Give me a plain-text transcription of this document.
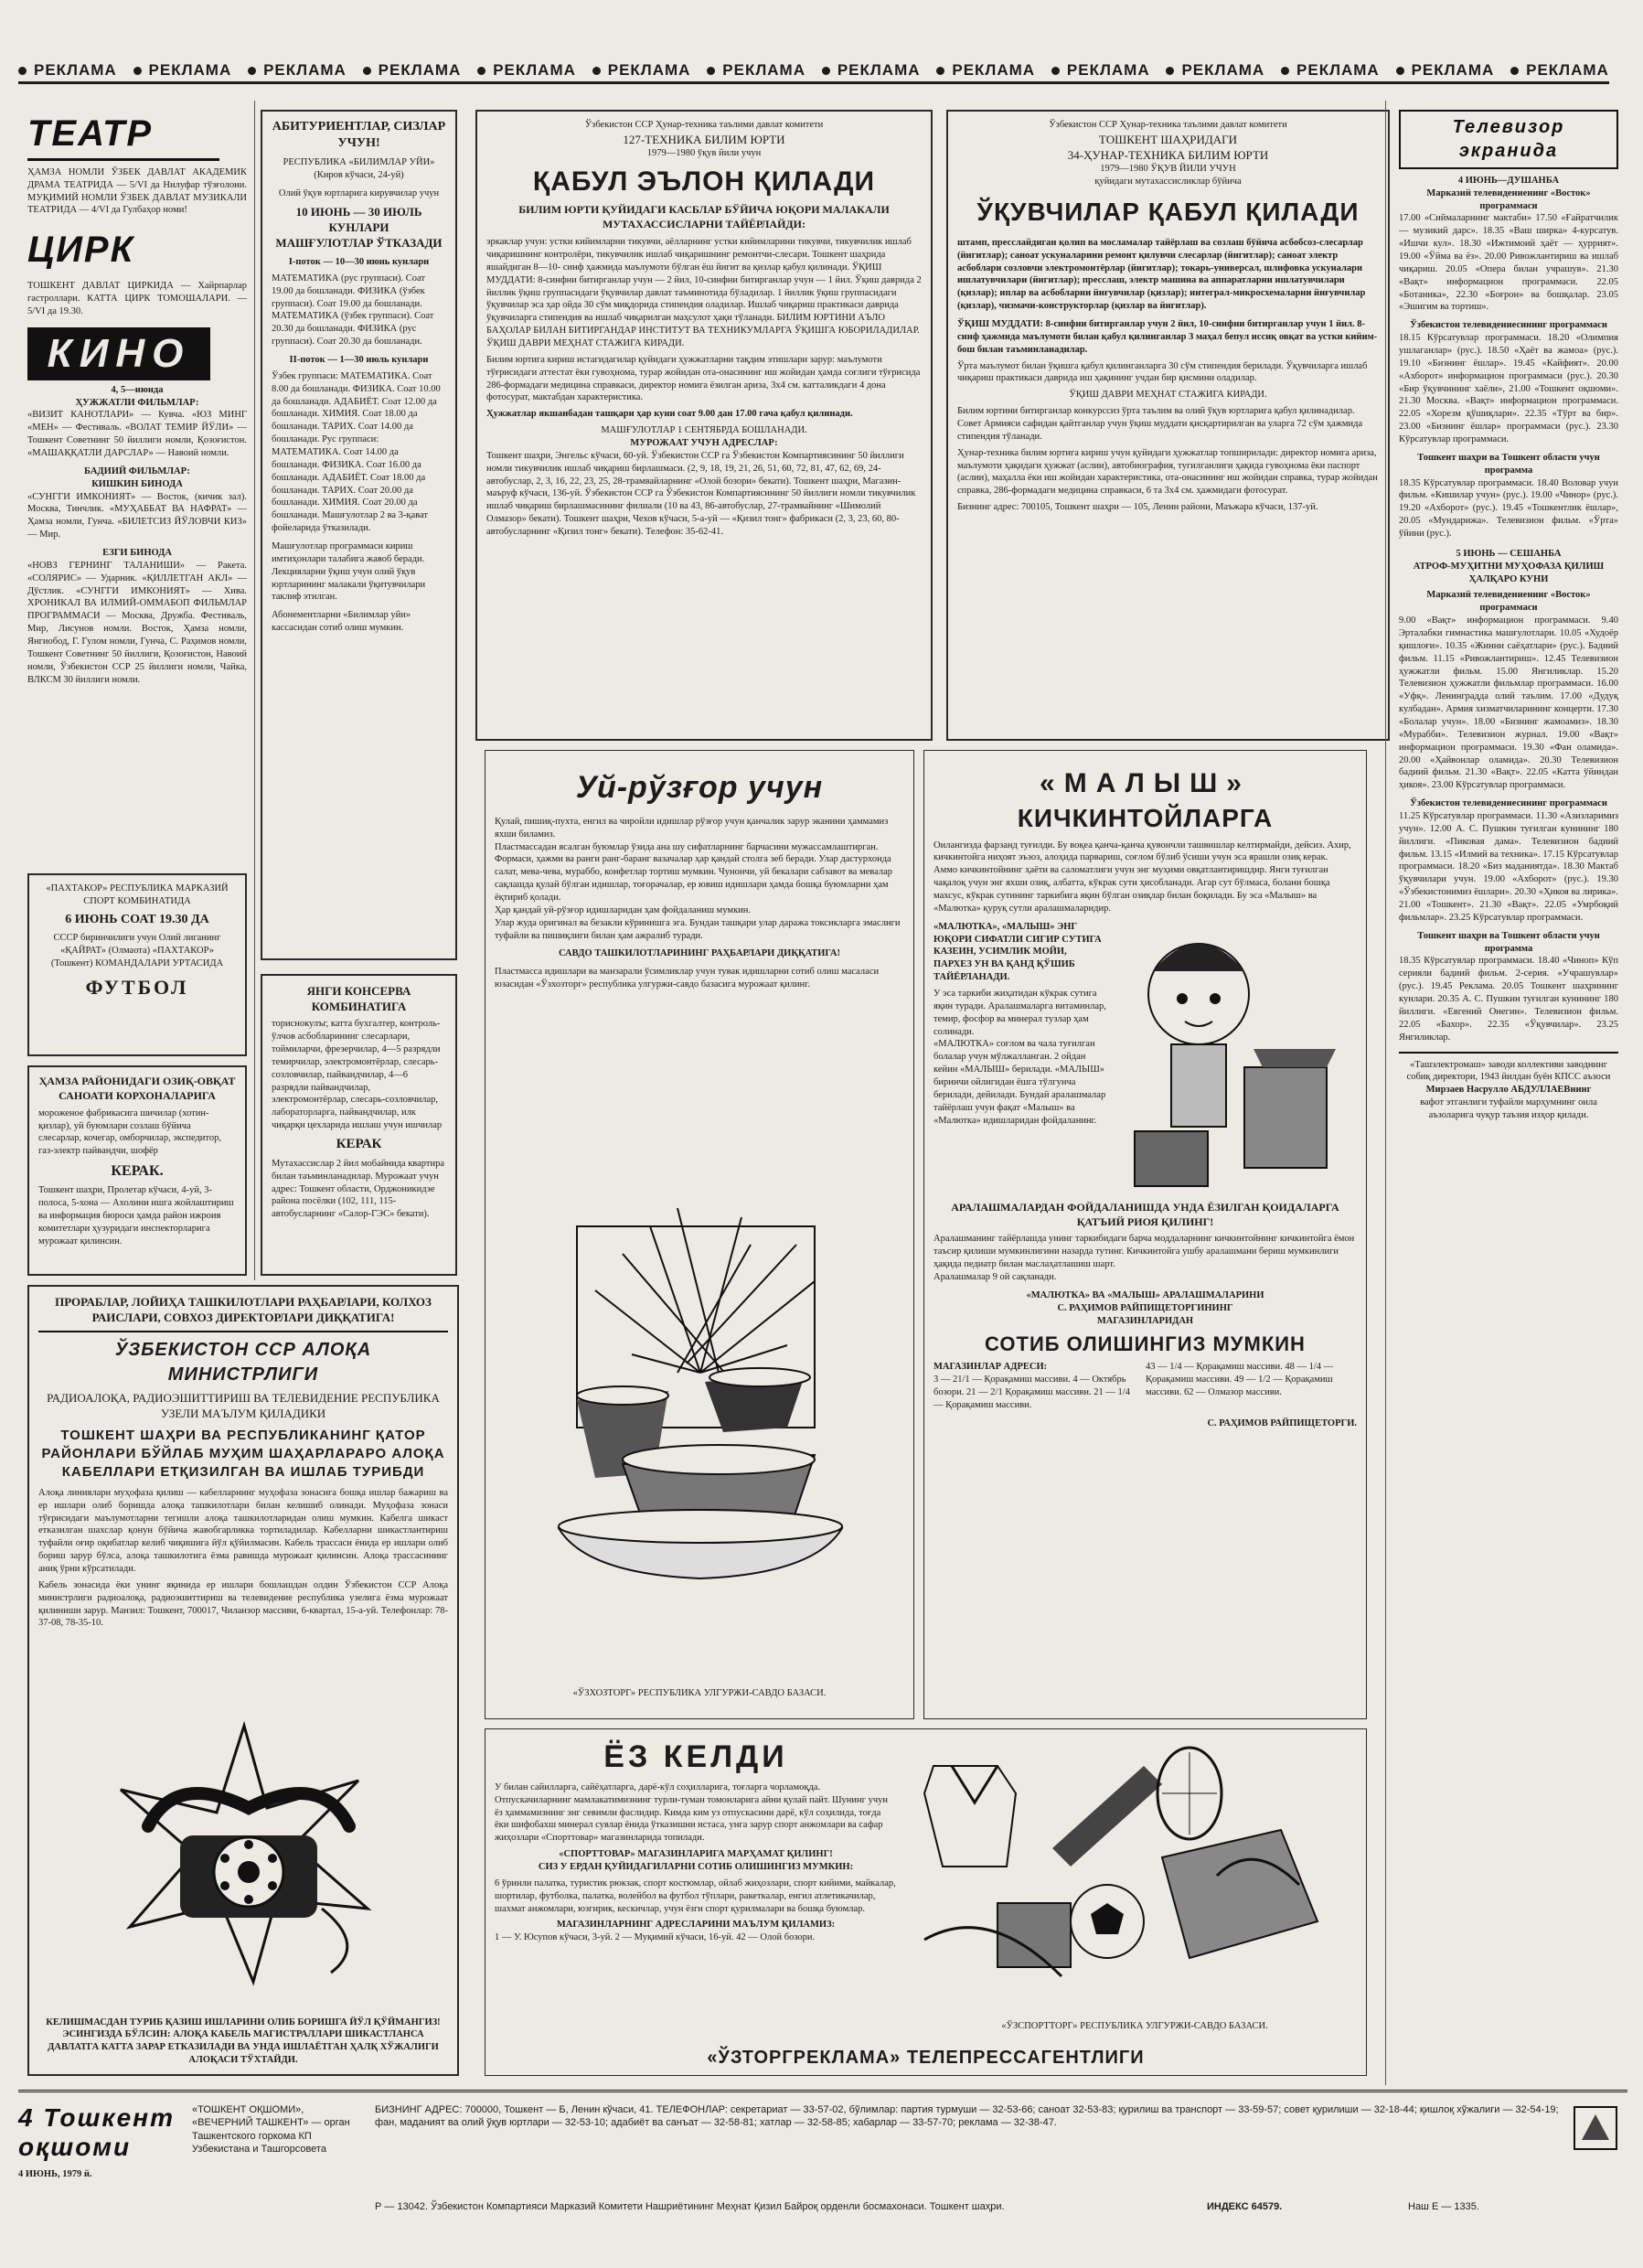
РЕКЛАМА	РЕКЛАМА	РЕКЛАМА	РЕКЛАМА	РЕКЛАМА	РЕКЛАМА	РЕКЛАМА	РЕКЛАМА	РЕКЛАМА	РЕКЛАМА	РЕКЛАМА	РЕКЛАМА	РЕКЛАМА	РЕКЛАМА
ТЕАТР
ҲАМЗА НОМЛИ ЎЗБЕК ДАВЛАТ АКАДЕМИК ДРАМА ТЕАТРИДА — 5/VI да Нилуфар тўзғолони. МУҚИМИЙ НОМЛИ ЎЗБЕК ДАВЛАТ МУЗИКАЛИ ТЕАТРИДА — 4/VI да Гулбаҳор номи!
ЦИРК
ТОШКЕНТ ДАВЛАТ ЦИРКИДА — Хайрпарлар гастроллари. КАТТА ЦИРК ТОМОШАЛАРИ. — 5/VI да 19.30.
КИНО
4, 5—июнда
ҲУЖЖАТЛИ ФИЛЬМЛАР:
«ВИЗИТ КАНОТЛАРИ» — Кувча. «ЮЗ МИНГ «МЕН» — Фестиваль. «ВОЛАТ ТЕМИР ЙЎЛИ» — Тошкент Советнинг 50 йиллиги номли, Қозоғистон. «МАШАҚҚАТЛИ ДАРСЛАР» — Навоий номли.
БАДИИЙ ФИЛЬМЛАР:
КИШКИН БИНОДА
«СУНГГИ ИМКОНИЯТ» — Восток, (кичик зал). Москва, Тинчлик. «МУҲАББАТ ВА НАФРАТ» — Ҳамза номли, Гунча. «БИЛЕТСИЗ ЙЎЛОВЧИ КИЗ» — Мир.
ЕЗГИ БИНОДА
«НОВЗ ГЕРНИНГ ТАЛАНИШИ» — Ракета. «СОЛЯРИС» — Ударник. «ҚИЛЛЕТГАН АКЛ» — Дўстлик. «СУНГГИ ИМКОНИЯТ» — Хива. ХРОНИКАЛ ВА ИЛМИЙ-ОММАБОП ФИЛЬМЛАР ПРОГРАММАСИ — Москва, Дружба. Фестиваль, Мир, Лисунов номли. Восток, Ҳамза номли, Янгиобод, Г. Гулом номли, Гунча, С. Раҳимов номли, Тошкент Советнинг 50 йиллиги, Қозоғистон, Навоий номли, Ўзбекистон ССР 25 йиллиги номли, Чайка, ВЛКСМ 30 йиллиги номли.
«ПАХТАКОР» РЕСПУБЛИКА МАРКАЗИЙ СПОРТ КОМБИНАТИДА
6 ИЮНЬ СОАТ 19.30 ДА
СССР биринчилиги учун Олий лиганинг «ҚАЙРАТ» (Олмаота) «ПАХТАКОР» (Тошкент) КОМАНДАЛАРИ УРТАСИДА
ФУТБОЛ
ҲАМЗА РАЙОНИДАГИ ОЗИҚ-ОВҚАТ САНОАТИ КОРХОНАЛАРИГА
мороженое фабрикасига шичилар (хотин-қизлар), уй буюмлари созлаш бўйича слесарлар, кочегар, омборчилар, экспедитор, газ-электр пайвандчи, шофёр
КЕРАК.
Тошкент шаҳри, Пролетар кўчаси, 4-уй, 3-полоса, 5-хона — Ахолини ишга жойлаштириш ва информация бюроси ҳамда район ижроия комитетлари ҳузуридаги инспекторларига мурожаат қилинсин.
АБИТУРИЕНТЛАР, СИЗЛАР УЧУН!
РЕСПУБЛИКА «БИЛИМЛАР УЙИ» (Киров кўчаси, 24-уй)
Олий ўқув юртларига кирувчилар учун
10 ИЮНЬ — 30 ИЮЛЬ КУНЛАРИ
МАШҒУЛОТЛАР ЎТКАЗАДИ
I-поток — 10—30 июнь кунлари
МАТЕМАТИКА (рус группаси). Соат 19.00 да бошланади. ФИЗИКА (ўзбек группаси). Соат 19.00 да бошланади. МАТЕМАТИКА (ўзбек группаси). Соат 20.30 да бошланади. ФИЗИКА (рус группаси). Соат 20.30 да бошланади.
II-поток — 1—30 июль кунлари
Ўзбек группаси: МАТЕМАТИКА. Соат 8.00 да бошланади. ФИЗИКА. Соат 10.00 да бошланади. АДАБИЁТ. Соат 12.00 да бошланади. ХИМИЯ. Соат 18.00 да бошланади. ТАРИХ. Соат 14.00 да бошланади. Рус группаси: МАТЕМАТИКА. Соат 14.00 да бошланади. ФИЗИКА. Соат 16.00 да бошланади. АДАБИЁТ. Соат 18.00 да бошланади. ТАРИХ. Соат 20.00 да бошланади. ХИМИЯ. Соат 20.00 да бошланади. Машғулотлар 2 ва 3-қават фойеларида ўтказилади.
Машғулотлар программаси кириш имтиҳонлари талабига жавоб беради. Лекцияларни ўқиш учун олий ўқув юртларининг малакали ўқитувчилари таклиф этилган.
Абонементларни «Билимлар уйи» кассасидан сотиб олиш мумкин.
ЯНГИ КОНСЕРВА КОМБИНАТИГА
ториснокулъг, катта бухгалтер, контроль-ўлчов асбобларининг слесарлари, тоймиларчи, фрезерчилар, 4—5 разрядли темирчилар, электромонтёрлар, слесарь-созловчилар, пайвандчилар, 4—6 разрядли пайвандчилар, электромонтёрлар, слесарь-созловчилар, лабораторларга, пайвандчилар, илк чиқарқн цехларида ишлаш учун ишчилар
КЕРАК
Мутахассислар 2 йил мобайнида квартира билан таъминланадилар. Мурожаат учун адрес: Тошкент области, Орджоникидзе района посёлки (102, 111, 115-автобусларнинг «Салор-ГЭС» бекати).
ПРОРАБЛАР, ЛОЙИҲА ТАШКИЛОТЛАРИ РАҲБАРЛАРИ, КОЛХОЗ РАИСЛАРИ, СОВХОЗ ДИРЕКТОРЛАРИ ДИҚҚАТИГА!
ЎЗБЕКИСТОН ССР АЛОҚА МИНИСТРЛИГИ
РАДИОАЛОҚА, РАДИОЭШИТТИРИШ ВА ТЕЛЕВИДЕНИЕ РЕСПУБЛИКА УЗЕЛИ МАЪЛУМ ҚИЛАДИКИ
ТОШКЕНТ ШАҲРИ ВА РЕСПУБЛИКАНИНГ ҚАТОР РАЙОНЛАРИ БЎЙЛАБ МУҲИМ ШАҲАРЛАРАРО АЛОҚА КАБЕЛЛАРИ ЕТҚИЗИЛГАН ВА ИШЛАБ ТУРИБДИ
Алоқа линиялари муҳофаза қилиш — кабелларнинг муҳофаза зонасига бошқа ишлар бажариш ва ер ишлари олиб боришда алоқа ташкилотлари билан келишиб олинади. Муҳофаза зонаси тўғрисидаги маълумотларни тегишли алоқа ташкилотларидан олиш мумкин. Кабелга шикаст етказилган шахслар қонун бўйича жавобгарликка тортиладилар. Кабелларни шикастлантириш туфайли оғир оқибатлар келиб чиқишига йўл қўйилмасин. Кабель трассаси ёнида ер ишлари олиб бориш зарур бўлса, алоқа ташкилотига ёзма равишда мурожаат қилинсин. Алоқа трассасининг аниқ ўрни кўрсатилади.
Кабель зонасида ёки унинг яқинида ер ишлари бошлашдан олдин Ўзбекистон ССР Алоқа министрлиги радиоалоқа, радиоэшиттириш ва телевидение республика узелига ёзма мурожаат қилиниши зарур. Манзил: Тошкент, 700017, Чиланзор массиви, 6-квартал, 15-а-уй. Телефонлар: 78-37-08, 78-35-10.
КЕЛИШМАСДАН ТУРИБ ҚАЗИШ ИШЛАРИНИ ОЛИБ БОРИШГА ЙЎЛ ҚЎЙМАНГИЗ! ЭСИНГИЗДА БЎЛСИН: АЛОҚА КАБЕЛЬ МАГИСТРАЛЛАРИ ШИКАСТЛАНСА ДАВЛАТГА КАТТА ЗАРАР ЕТКАЗИЛАДИ ВА УНДА ИШЛАЁТГАН ҲАЛҚ ХЎЖАЛИГИ АЛОҚАСИ ТЎХТАЙДИ.
Ўзбекистон ССР Ҳунар-техника таълими давлат комитети
127-ТЕХНИКА БИЛИМ ЮРТИ
1979—1980 ўқув йили учун
ҚАБУЛ ЭЪЛОН ҚИЛАДИ
БИЛИМ ЮРТИ ҚУЙИДАГИ КАСБЛАР БЎЙИЧА ЮҚОРИ МАЛАКАЛИ МУТАХАССИСЛАРНИ ТАЙЁРЛАЙДИ:
эркаклар учун: устки кийимларни тикувчи, аёлларнинг устки кийимларини тикувчи, тикувчилик ишлаб чиқаришнинг контролёри, тикувчилик ишлаб чиқаришнинг ремонтчи-слесари. Тошкент шаҳрида яшайдиган 8—10- синф ҳажмида маълумоти бўлган ёш йигит ва қизлар қабул қилинади. ЎҚИШ МУДДАТИ: 8-синфни битирганлар учун — 2 йил, 10-синфни битирганлар учун — 1 йил. Ўқиш даврида 2 йиллик ўқиш группасидаги ўқувчилар давлат таъминотида бўладилар. 1 йиллик ўқиш группасидаги ўқувчилар эса ҳар ойда 30 сўм миқдорида стипендия оладилар. Ишлаб чиқариш практикаси даврида ўқувчиларга стипендия ва ишлаб чиқарилган маҳсулот ҳақи тўланади. БИЛИМ ЮРТИНИ АЪЛО БАҲОЛАР БИЛАН БИТИРГАНДАР ИНСТИТУТ ВА ТЕХНИКУМЛАРГА ЎҚИШГА ЮБОРИЛАДИЛАР. ЎҚИШ ДАВРИ МЕҲНАТ СТАЖИГА КИРАДИ.
Билим юртига кириш истагидагилар қуйидаги ҳужжатларни тақдим этишлари зарур: маълумоти тўғрисидаги аттестат ёки гувоҳнома, турар жойидан ота-онасининг иш жойидан ҳамда соғлиги тўғрисида 286-формадаги медицина справкаси, директор номига ёзилган ариза, 3х4 см. катталикдаги 4 дона фотосурат, мактабдан характеристика.
Ҳужжатлар якшанбадан ташқари ҳар куни соат 9.00 дан 17.00 гача қабул қилинади.
МАШҒУЛОТЛАР 1 СЕНТЯБРДА БОШЛАНАДИ.
МУРОЖААТ УЧУН АДРЕСЛАР:
Тошкент шаҳри, Энгельс кўчаси, 60-уй. Ўзбекистон ССР га Ўзбекистон Компартиясининг 50 йиллиги номли тикувчилик ишлаб чиқариш бирлашмаси. (2, 9, 18, 19, 21, 26, 51, 60, 72, 81, 47, 62, 69, 24-автобуслар, 2, 3, 16, 22, 23, 25, 28-трамвайларнинг «Олой бозори» бекати). Тошкент шаҳри, Магазин-маъруф кўчаси, 136-уй. Ўзбекистон ССР га Ўзбекистон Компартиясининг 50 йиллиги номли тикувчилик ишлаб чиқариш бирлашмасининг филиали (10 ва 43, 86-автобуслар, 27-трамвайнинг «Шимолий Олмазор» бекати). Тошкент шаҳри, Чехов кўчаси, 5-а-уй — «Қизил тонг» фабрикаси (2, 3, 23, 60, 80-автобусларнинг «Қизил тонг» бекати). Телефон: 35-62-41.
Ўзбекистон ССР Ҳунар-техника таълими давлат комитети
ТОШКЕНТ ШАҲРИДАГИ
34-ҲУНАР-ТЕХНИКА БИЛИМ ЮРТИ
1979—1980 ЎҚУВ ЙИЛИ УЧУН
қуйидаги мутахассисликлар бўйича
ЎҚУВЧИЛАР ҚАБУЛ ҚИЛАДИ
штамп, пресслайдиган қолип ва мосламалар тайёрлаш ва созлаш бўйича асбобсоз-слесарлар (йигитлар); саноат ускуналарини ремонт қилувчи слесарлар (йигитлар); саноат электр асбоблари созловчи электромонтёрлар (йигитлар); токарь-универсал, шлифовка ускуналари ишлатувчилари (йигитлар); пресслаш, электр машина ва аппаратларни ишлатувчилари (қизлар); иплар ва асбобларни йиғувчилар (қизлар); интеграл-микросхемаларни йиғувчилар (қизлар), чизмачи-конструкторлар (қизлар ва йигитлар).
ЎҚИШ МУДДАТИ: 8-синфни битирганлар учун 2 йил, 10-синфни битирганлар учун 1 йил. 8-синф ҳажмида маълумоти билан қабул қилинганлар 3 маҳал бепул иссиқ овқат ва устки кийим-бош билан таъминланадилар.
Ўрта маълумот билан ўқишга қабул қилинганларга 30 сўм стипендия берилади. Ўқувчиларга ишлаб чиқариш практикаси даврида иш ҳақининг учдан бир қисмини оладилар.
ЎҚИШ ДАВРИ МЕҲНАТ СТАЖИГА КИРАДИ.
Билим юртини битирганлар конкурссиз ўрта таълим ва олий ўқув юртларига қабул қилинадилар. Совет Армияси сафидан қайтганлар учун ўқиш муддати қисқартирилган ва уларга 72 сўм ҳажмида стипендия тўланади.
Ҳунар-техника билим юртига кириш учун қуйидаги ҳужжатлар топширилади: директор номига ариза, маълумоти ҳақидаги ҳужжат (аслии), автобиография, тугилганлиги ҳақида гувоҳнома ёки паспорт (аслии), маҳалла ёки иш жойидан характеристика, ота-онасининг иш жойидан справка, турар жойидан справка, 286-формадаги медицина справкаси, 6 та 3х4 см. ҳажмидаги фотосурат.
Бизнинг адрес: 700105, Тошкент шаҳри — 105, Ленин райони, Маъжара кўчаси, 137-уй.
Уй-рўзғор учун
Қулай, пишиқ-пухта, енгил ва чиройли идишлар рўзғор учун қанчалик зарур эканини ҳаммамиз яхши биламиз.
Пластмассадан ясалган буюмлар ўзида ана шу сифатларнинг барчасини мужассамлаштирган.
Формаси, ҳажми ва ранги ранг-баранг вазачалар ҳар қандай столга зеб беради. Улар дастурхонда салат, мева-чева, мураббо, конфетлар тортиш мумкин. Чунончи, уй бекалари сабзавот ва мевалар сақлашда қулай бўлган идишлар, тоғорачалар, ер ювиш идишлари ҳамда бошқа буюмларни ҳам ёқтириб қолади.
Ҳар қандай уй-рўзғор идишларидан ҳам фойдаланиш мумкин.
Улар жуда оригинал ва безакли кўринишга эга. Бундан ташқари улар даража токсикларга эмаслиги туфайли ва пишиқлиги билан ҳам ажралиб туради.
САВДО ТАШКИЛОТЛАРИНИНГ РАҲБАРЛАРИ ДИҚҚАТИГА!
Пластмасса идишлари ва манзарали ўсимликлар учун тувак идишларни сотиб олиш масаласи юзасидан «Ўзхозторг» республика улгуржи-савдо базасига мурожаат қилинг.
«ЎЗХОЗТОРГ» РЕСПУБЛИКА УЛГУРЖИ-САВДО БАЗАСИ.
«МАЛЫШ»
КИЧКИНТОЙЛАРГА
Оилангизда фарзанд туғилди. Бу воқеа қанча-қанча қувончли ташвишлар келтирмайди, дейсиз. Ахир, кичкинтойга ниҳоят эъзоз, алоҳида парвариш, соғлом бўлиб ўсиши учун эса ярашли озиқ керак.
Аммо кичкинтойнинг ҳаёти ва саломатлиги учун энг муҳими овқатлантиришдир. Янги туғилган чақалоқ учун энг яхши озиқ, албатта, кўкрак сути ҳисобланади. Агар сут бўлмаса, болани бошқа махсус, кўкрак сутининг таркибига яқин бўлган озиқлар билан боқилади. Бу эса «Малыш» ва «Малютка» қуруқ сутли аралашмаларидир.
«МАЛЮТКА», «МАЛЫШ» ЭНГ ЮҚОРИ СИФАТЛИ СИГИР СУТИГА КАЗЕИН, УСИМЛИК МОЙИ, ПАРХЕЗ УН ВА ҚАНД ҚЎШИБ ТАЙЁРЛАНАДИ.
У эса таркиби жиҳатидан кўкрак сутига яқин туради. Аралашмаларга витаминлар, темир, фосфор ва минерал тузлар ҳам солинади.
«МАЛЮТКА» соғлом ва чала туғилган болалар учун мўлжалланган. 2 ойдан кейин «МАЛЫШ» берилади. «МАЛЫШ» биринчи ойлигидан ёшга тўлгунча берилади, дейилади. Бундай аралашмалар тайёрлаш учун фақат «Малыш» ва «Малютка» идишларидан фойдаланинг.
АРАЛАШМАЛАРДАН ФОЙДАЛАНИШДА УНДА ЁЗИЛГАН ҚОИДАЛАРГА ҚАТЪИЙ РИОЯ ҚИЛИНГ!
Аралашманинг тайёрлашда унинг таркибидаги барча моддаларнинг кичкинтойнинг кичкинтойга ёмон таъсир қилиши мумкинлигини назарда тутинг. Кичкинтойга ушбу аралашмани бериш мумкинлиги ҳақида педиатр билан маслаҳатлашиш шарт.
Аралашмалар 9 ой сақланади.
«МАЛЮТКА» ВА «МАЛЫШ» АРАЛАШМАЛАРИНИ
С. РАҲИМОВ РАЙПИЩЕТОРГИНИНГ
МАГАЗИНЛАРИДАН
СОТИБ ОЛИШИНГИЗ МУМКИН
МАГАЗИНЛАР АДРЕСИ:
3 — 21/1 — Қорақамиш массиви. 4 — Октябрь бозори. 21 — 2/1 Қорақамиш массиви. 21 — 1/4 — Қорақамиш массиви.
43 — 1/4 — Қорақамиш массиви. 48 — 1/4 — Қорақамиш массиви. 49 — 1/2 — Қорақамиш массиви. 62 — Олмазор массиви.
С. РАҲИМОВ РАЙПИЩЕТОРГИ.
ЁЗ КЕЛДИ
У билан сайилларга, сайёҳатларга, дарё-кўл соҳилларига, тоғларга чорламоқда. Отпускачиларнинг мамлакатимизнинг турли-туман томонларига айни қулай пайт. Шунинг учун ёз ҳаммамизнинг энг севимли фаслидир. Кимда ким уз отпускасини дарё, кўл соҳилида, тоғда ёки шифобахш минерал сувлар ёнида ўтказишни истаса, унга зарур спорт анжомлари ва сафар жиҳозлари «Спорттовар» магазинларида топилади.
«СПОРТТОВАР» МАГАЗИНЛАРИГА МАРҲАМАТ ҚИЛИНГ!
СИЗ У ЕРДАН ҚУЙИДАГИЛАРНИ СОТИБ ОЛИШИНГИЗ МУМКИН:
6 ўринли палатка, туристик рюкзак, спорт костюмлар, ойлаб жиҳозлари, спорт кийими, майкалар, шортилар, футболка, палатка, волейбол ва футбол тўплари, ракеткалар, енгил атлетикачилар, шахмат анжомлари, юзгирик, кескичлар, учун ёзги спорт қурилмалари ва бошқа буюмлар.
МАГАЗИНЛАРНИНГ АДРЕСЛАРИНИ МАЪЛУМ ҚИЛАМИЗ:
1 — У. Юсупов кўчаси, 3-уй. 2 — Муқимий кўчаси, 16-уй. 42 — Олой бозори.
«ЎЗСПОРТТОРГ» РЕСПУБЛИКА УЛГУРЖИ-САВДО БАЗАСИ.
«ЎЗТОРГРЕКЛАМА» ТЕЛЕПРЕССАГЕНТЛИГИ
Телевизор экранида
4 ИЮНЬ—ДУШАНБА
Марказий телевидениенинг «Восток» программаси
17.00 «Сиймаларнинг мактаби» 17.50 «Ғайратчилик — музикий дарс». 18.35 «Ваш ширка» 4-курсатув. «Ишчи кул». 18.30 «Ижтимоий ҳаёт — ҳуррият». 19.00 «Ўйма ва ёз». 20.00 Ривожлантириш ва ишлаб чиқариш. 20.05 «Опера билан учрашув». 21.30 «Вақт» информацион программаси. 22.05 «Ботаника», 22.30 «Боғрон» ва бошқалар. 23.05 «Эшигим ва тортиш».
Ўзбекистон телевидениесининг программаси
18.15 Кўрсатувлар программаси. 18.20 «Олимпия ушлаганлар» (рус.). 18.50 «Ҳаёт ва жамоа» (рус.). 19.10 «Бизнинг ёшлар». 19.45 «Кайфият». 20.00 «Ахборот» информацион программаси (рус.). 20.30 «Бир ўқувчининг хаёли», 21.00 «Тошкент оқшоми». 21.30 Москва. «Вақт» информацион программаси. 22.05 «Хорезм қўшиқлари». 22.35 «Тўрт ва бир». 23.00 «Бизнинг ёшлар» программаси (рус.). 23.30 Кўрсатувлар программаси.
Тошкент шаҳри ва Тошкент области учун программа
18.35 Кўрсатувлар программаси. 18.40 Воловар учун фильм. «Кишилар учун» (рус.). 19.00 «Чинор» (рус.). 19.20 «Ахборот» (рус.). 19.45 «Тошкентлик ёшлар», 20.05 «Мундарижа». Телевизион фильм. «Ўрта» ўйини (рус.).
5 ИЮНЬ — СЕШАНБА
АТРОФ-МУҲИТНИ МУҲОФАЗА ҚИЛИШ ҲАЛҚАРО КУНИ
Марказий телевидениенинг «Восток» программаси
9.00 «Вақт» информацион программаси. 9.40 Эрталабки гимнастика машғулотлари. 10.05 «Худоёр қишлоғи». 10.35 «Жинни саёҳатлари» (рус.). Бадиий фильм. 11.15 «Ривожлантириш». 12.45 Телевизион ҳужжатли фильм. 15.00 Янгиликлар. 15.20 Телевизион ҳужжатли фильмлар программаси. 16.00 «Уфқ». Ленинградда олий таълим. 17.00 «Дудуқ кулбадан». Армия хизматчиларининг концерти. 17.30 «Болалар учун». 18.00 «Бизнинг жамоамиз». 18.30 «Мурабби». Телевизион журнал. 19.00 «Вақт» информацион программаси. 19.30 «Фан оламида». 20.00 «Ҳайвонлар оламида». 20.30 Телевизион бадиий фильм. 21.30 «Вақт». 22.05 «Катта ўйиндан ҳикоя». 23.00 Кўрсатувлар программаси.
Ўзбекистон телевидениесининг программаси
11.25 Кўрсатувлар программаси. 11.30 «Азизларимиз учун». 12.00 А. С. Пушкин туғилган кунининг 180 йиллиги. «Пиковая дама». Телевизион бадиий фильм. 13.15 «Илмий ва техника». 17.15 Кўрсатувлар программаси. 18.20 «Биз маданиятда». 18.30 Мактаб ўқувчилари учун. 19.00 «Ахборот» (рус.). 19.30 «Ўзбекистонимиз ёшлари». 20.30 «Ҳикоя ва лирика». 21.00 «Тошкент». 21.30 «Вақт». 22.05 «Умрбоқий фильмлар». 23.25 Кўрсатувлар программаси.
Тошкент шаҳри ва Тошкент области учун программа
18.35 Кўрсатувлар программаси. 18.40 «Чиноп» Кўп серияли бадиий фильм. 2-серия. «Учрашувлар» (рус.). 19.45 Реклама. 20.05 Тошкент шаҳрининг кунлари. 20.35 А. С. Пушкин туғилган кунининг 180 йиллиги. «Евгений Онегин». Телевизион фильм. 22.05 «Бахор». 22.35 «Ўқувчилар». 23.25 Янгиликлар.
«Ташэлектромаш» заводи коллективи заводнинг собиқ директори, 1943 йилдан буён КПСС аъзоси
Мирзаев Насрулло АБДУЛЛАЕВнинг
вафот этганлиги туфайли марҳумнинг оила аъзоларига чуқур таъзия изҳор қилади.
4 Тошкент оқшоми
4 ИЮНЬ, 1979 й.
«ТОШКЕНТ ОҚШОМИ», «ВЕЧЕРНИЙ ТАШКЕНТ» — орган Ташкентского горкома КП Узбекистана и Ташгорсовета
БИЗНИНГ АДРЕС: 700000, Тошкент — Б, Ленин кўчаси, 41. ТЕЛЕФОНЛАР: секретариат — 33-57-02, бўлимлар: партия турмуши — 32-53-66; саноат 32-53-83; қурилиш ва транспорт — 33-59-57; совет қурилиши — 32-18-44; қишлоқ хўжалиги — 32-54-19; фан, маданият ва олий ўқув юртлари — 32-53-10; адабиёт ва санъат — 32-58-81; хатлар — 32-58-85; хабарлар — 33-57-70; реклама — 32-38-47.
Р — 13042. Ўзбекистон Компартияси Марказий Комитети Нашриётининг Меҳнат Қизил Байроқ орденли босмахонаси. Тошкент шаҳри.	ИНДЕКС 64579.	Наш Е — 1335.
